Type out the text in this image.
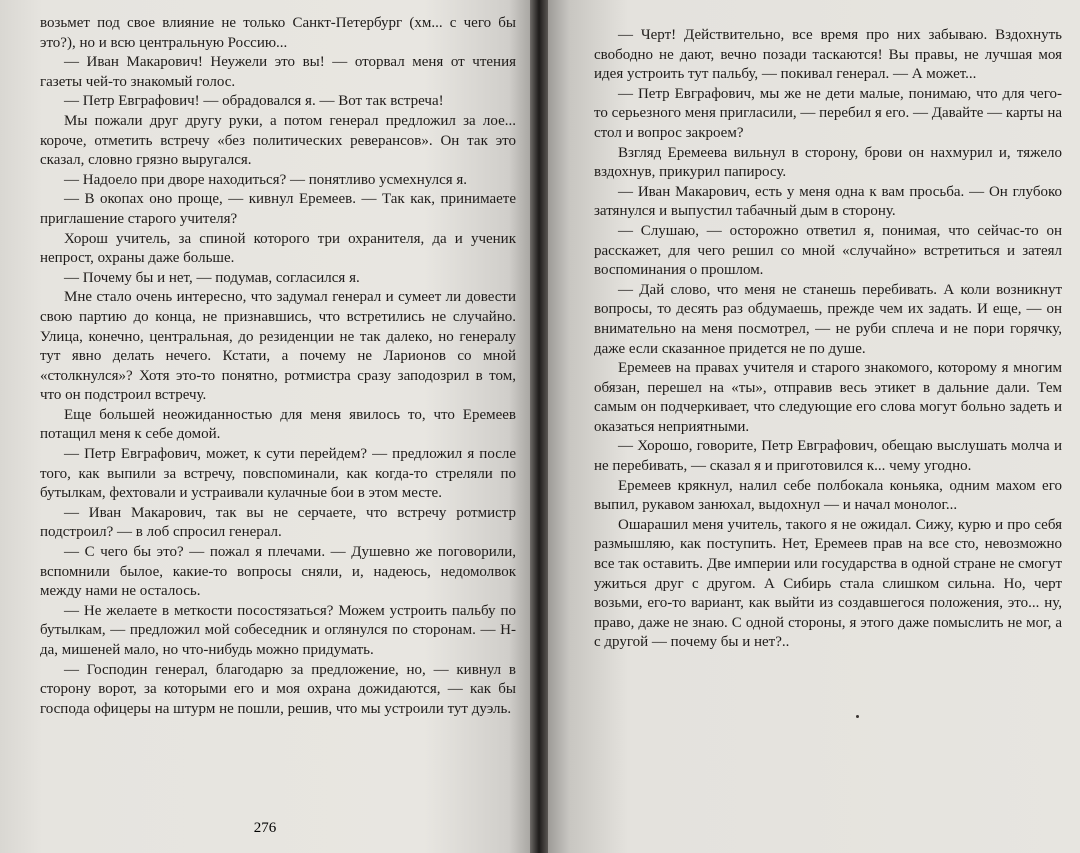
возьмет под свое влияние не только Санкт-Петербург (хм... с чего бы это?), но и всю центральную Россию...

— Иван Макарович! Неужели это вы! — оторвал меня от чтения газеты чей-то знакомый голос.

— Петр Евграфович! — обрадовался я. — Вот так встреча!

Мы пожали друг другу руки, а потом генерал предложил за лое... короче, отметить встречу «без политических реверансов». Он так это сказал, словно грязно выругался.

— Надоело при дворе находиться? — понятливо усмехнулся я.

— В окопах оно проще, — кивнул Еремеев. — Так как, принимаете приглашение старого учителя?

Хорош учитель, за спиной которого три охранителя, да и ученик непрост, охраны даже больше.

— Почему бы и нет, — подумав, согласился я.

Мне стало очень интересно, что задумал генерал и сумеет ли довести свою партию до конца, не признавшись, что встретились не случайно. Улица, конечно, центральная, до резиденции не так далеко, но генералу тут явно делать нечего. Кстати, а почему не Ларионов со мной «столкнулся»? Хотя это-то понятно, ротмистра сразу заподозрил в том, что он подстроил встречу.

Еще большей неожиданностью для меня явилось то, что Еремеев потащил меня к себе домой.

— Петр Евграфович, может, к сути перейдем? — предложил я после того, как выпили за встречу, повспоминали, как когда-то стреляли по бутылкам, фехтовали и устраивали кулачные бои в этом месте.

— Иван Макарович, так вы не серчаете, что встречу ротмистр подстроил? — в лоб спросил генерал.

— С чего бы это? — пожал я плечами. — Душевно же поговорили, вспомнили былое, какие-то вопросы сняли, и, надеюсь, недомолвок между нами не осталось.

— Не желаете в меткости посостязаться? Можем устроить пальбу по бутылкам, — предложил мой собеседник и оглянулся по сторонам. — Н-да, мишеней мало, но что-нибудь можно придумать.

— Господин генерал, благодарю за предложение, но, — кивнул в сторону ворот, за которыми его и моя охрана дожидаются, — как бы господа офицеры на штурм не пошли, решив, что мы устроили тут дуэль.

276

— Черт! Действительно, все время про них забываю. Вздохнуть свободно не дают, вечно позади таскаются! Вы правы, не лучшая моя идея устроить тут пальбу, — покивал генерал. — А может...

— Петр Евграфович, мы же не дети малые, понимаю, что для чего-то серьезного меня пригласили, — перебил я его. — Давайте — карты на стол и вопрос закроем?

Взгляд Еремеева вильнул в сторону, брови он нахмурил и, тяжело вздохнув, прикурил папиросу.

— Иван Макарович, есть у меня одна к вам просьба. — Он глубоко затянулся и выпустил табачный дым в сторону.

— Слушаю, — осторожно ответил я, понимая, что сейчас-то он расскажет, для чего решил со мной «случайно» встретиться и затеял воспоминания о прошлом.

— Дай слово, что меня не станешь перебивать. А коли возникнут вопросы, то десять раз обдумаешь, прежде чем их задать. И еще, — он внимательно на меня посмотрел, — не руби сплеча и не пори горячку, даже если сказанное придется не по душе.

Еремеев на правах учителя и старого знакомого, которому я многим обязан, перешел на «ты», отправив весь этикет в дальние дали. Тем самым он подчеркивает, что следующие его слова могут больно задеть и оказаться неприятными.

— Хорошо, говорите, Петр Евграфович, обещаю выслушать молча и не перебивать, — сказал я и приготовился к... чему угодно.

Еремеев крякнул, налил себе полбокала коньяка, одним махом его выпил, рукавом занюхал, выдохнул — и начал монолог...

Ошарашил меня учитель, такого я не ожидал. Сижу, курю и про себя размышляю, как поступить. Нет, Еремеев прав на все сто, невозможно все так оставить. Две империи или государства в одной стране не смогут ужиться друг с другом. А Сибирь стала слишком сильна. Но, черт возьми, его-то вариант, как выйти из создавшегося положения, это... ну, право, даже не знаю. С одной стороны, я этого даже помыслить не мог, а с другой — почему бы и нет?..
